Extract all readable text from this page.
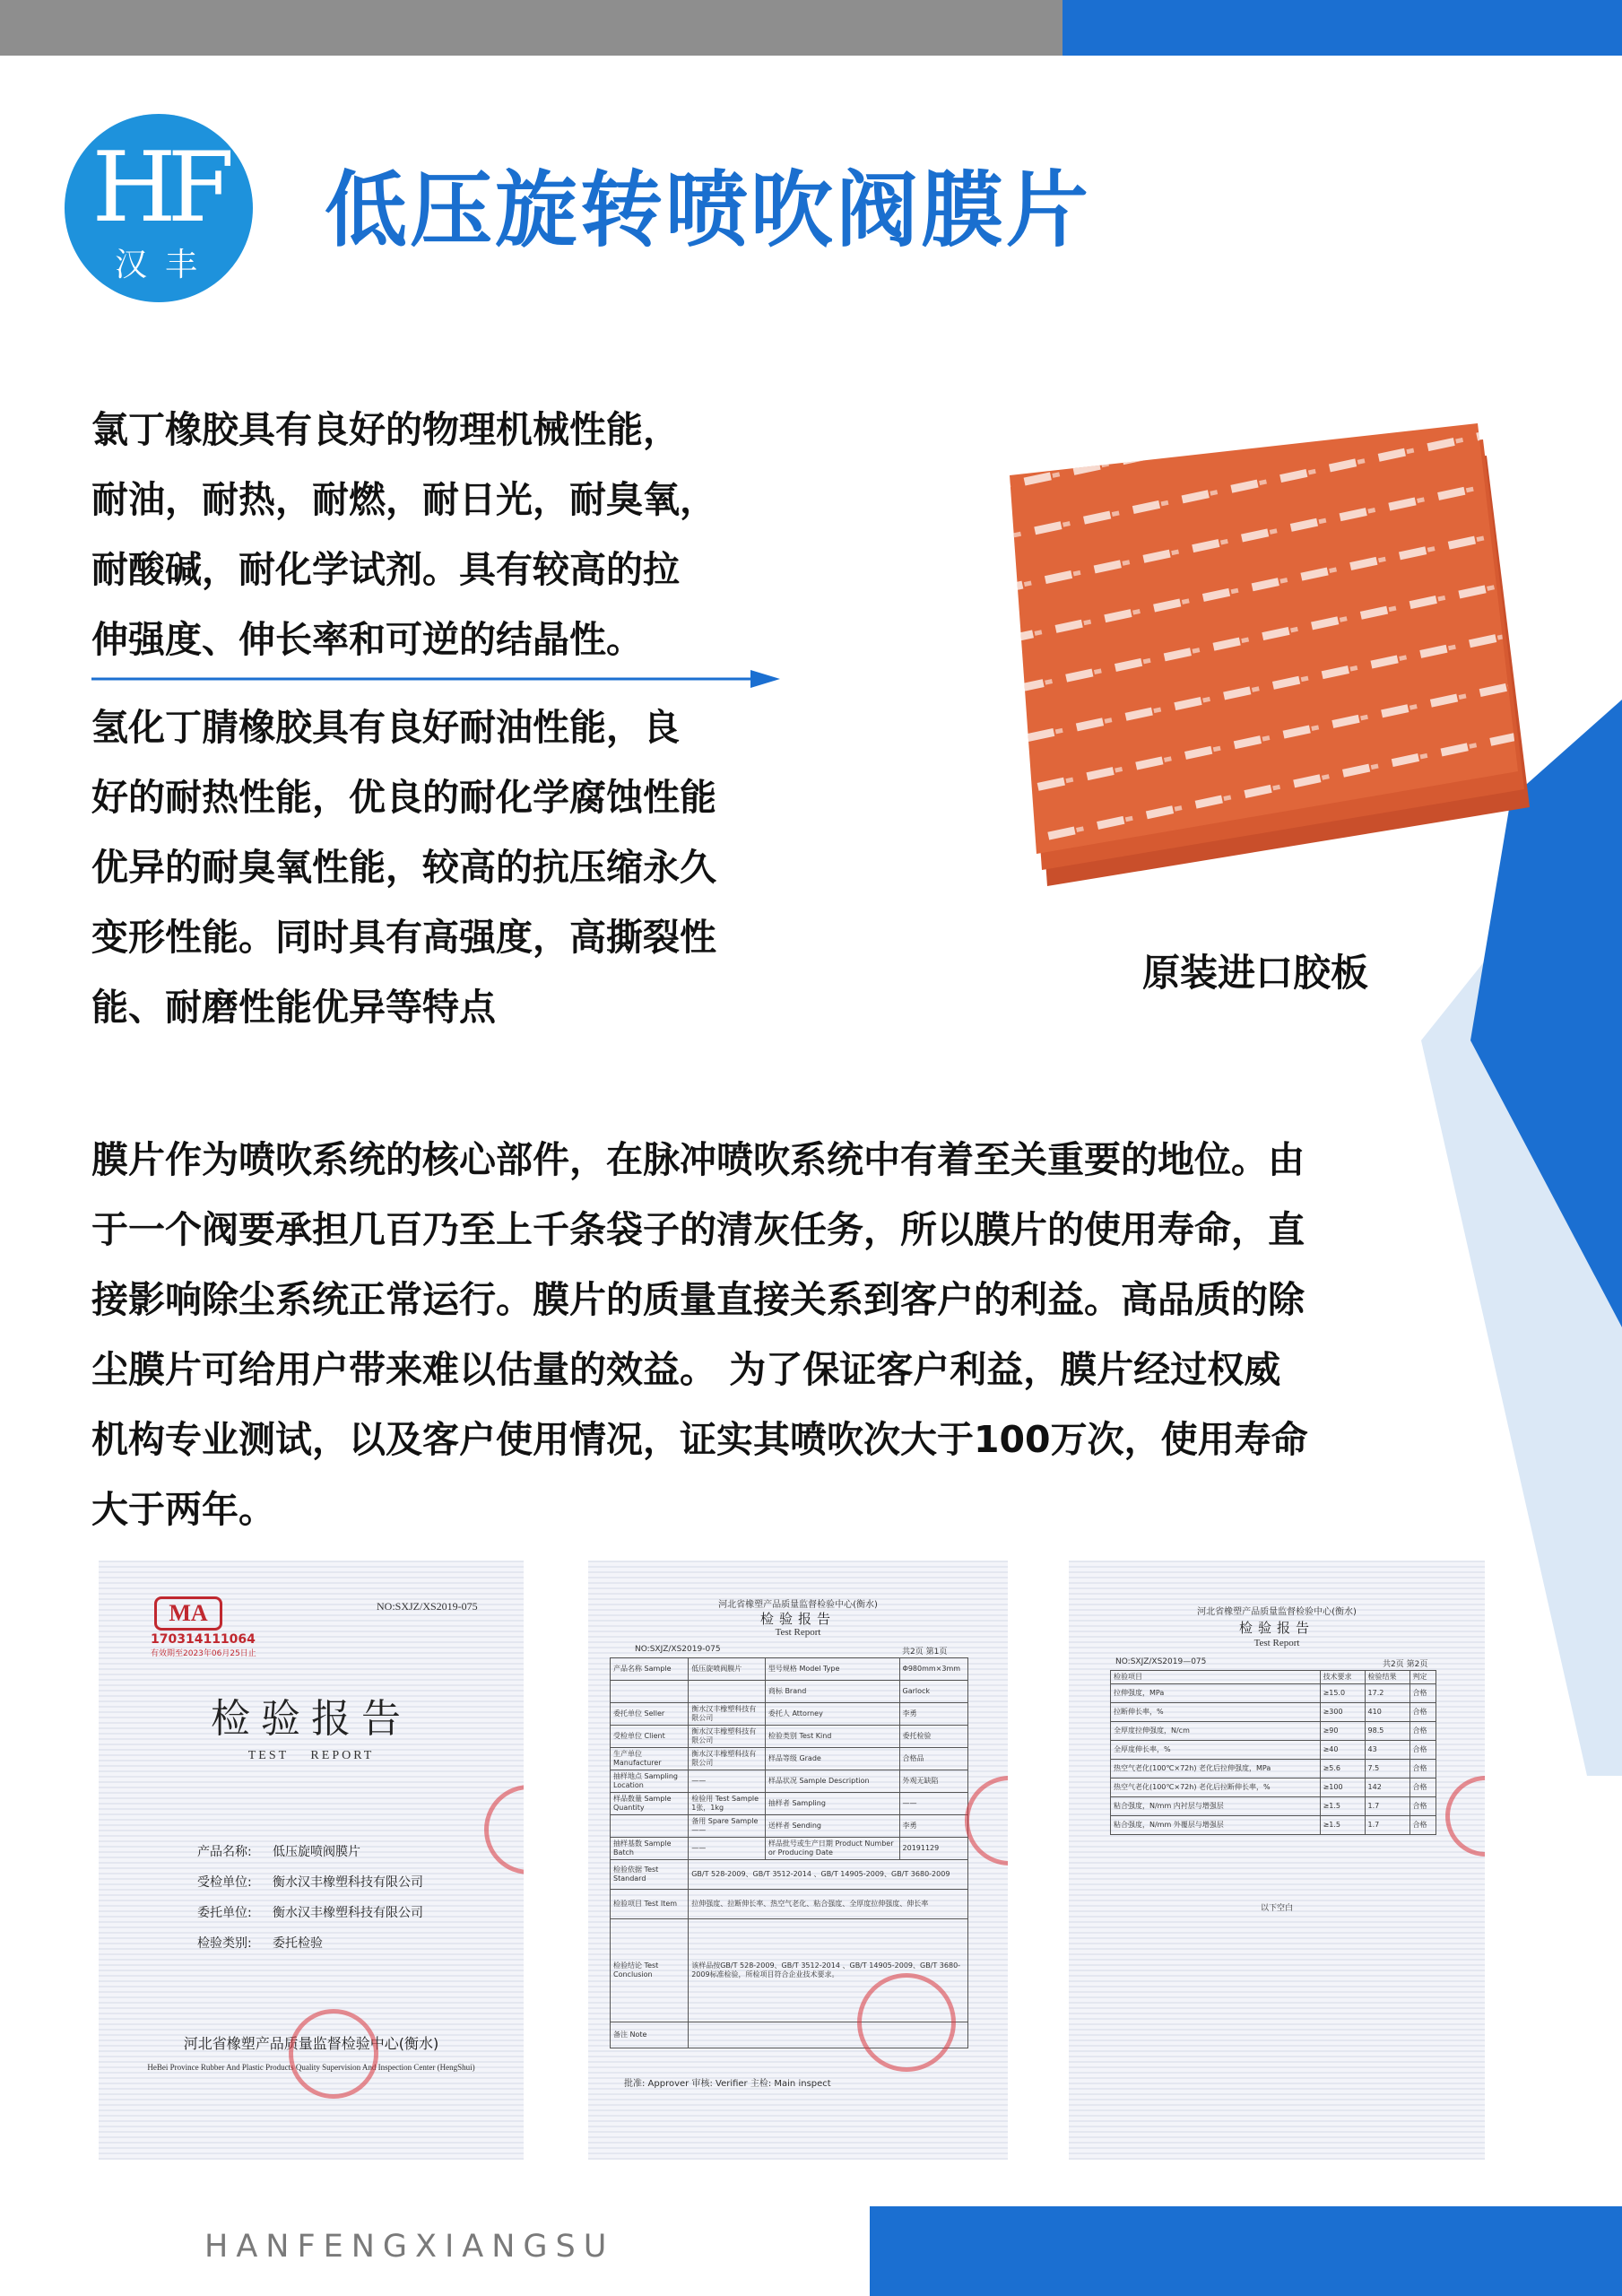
HF
汉丰
低压旋转喷吹阀膜片
氯丁橡胶具有良好的物理机械性能，
耐油，耐热，耐燃，耐日光，耐臭氧，
耐酸碱，耐化学试剂。具有较高的拉
伸强度、伸长率和可逆的结晶性。
氢化丁腈橡胶具有良好耐油性能，良
好的耐热性能，优良的耐化学腐蚀性能
优异的耐臭氧性能，较高的抗压缩永久
变形性能。同时具有高强度，高撕裂性
能、耐磨性能优异等特点
原装进口胶板
膜片作为喷吹系统的核心部件，在脉冲喷吹系统中有着至关重要的地位。由
于一个阀要承担几百乃至上千条袋子的清灰任务，所以膜片的使用寿命，直
接影响除尘系统正常运行。膜片的质量直接关系到客户的利益。高品质的除
尘膜片可给用户带来难以估量的效益。 为了保证客户利益，膜片经过权威
机构专业测试，以及客户使用情况，证实其喷吹次大于100万次，使用寿命
大于两年。
MA
170314111064
有效期至2023年06月25日止
NO:SXJZ/XS2019-075
检验报告
TEST REPORT
产品名称: 低压旋喷阀膜片
受检单位: 衡水汉丰橡塑科技有限公司
委托单位: 衡水汉丰橡塑科技有限公司
检验类别: 委托检验
河北省橡塑产品质量监督检验中心(衡水)
HeBei Province Rubber And Plastic Products Quality Supervision And Inspection Center (HengShui)
河北省橡塑产品质量监督检验中心(衡水)
检验报告
Test Report
NO:SXJZ/XS2019-075	共2页 第1页
产品名称 Sample	低压旋喷阀膜片	型号规格 Model Type	Φ980mm×3mm
		商标 Brand	Garlock
委托单位 Seller	衡水汉丰橡塑科技有限公司	委托人 Attorney	李勇
受检单位 Client	衡水汉丰橡塑科技有限公司	检验类别 Test Kind	委托检验
生产单位 Manufacturer	衡水汉丰橡塑科技有限公司	样品等级 Grade	合格品
抽样地点 Sampling Location	——	样品状况 Sample Description	外观无缺陷
样品数量 Sample Quantity	检验用 Test Sample 1张，1kg	抽样者 Sampling	——
	备用 Spare Sample ——	送样者 Sending	李勇
抽样基数 Sample Batch	——	样品批号或生产日期 Product Number or Producing Date	20191129
检验依据 Test Standard	GB/T 528-2009、GB/T 3512-2014 、GB/T 14905-2009、GB/T 3680-2009		
检验项目 Test Item	拉伸强度、拉断伸长率、热空气老化、粘合强度、全厚度拉伸强度、伸长率		
检验结论 Test Conclusion	该样品按GB/T 528-2009、GB/T 3512-2014 、GB/T 14905-2009、GB/T 3680-2009标准检验，所检项目符合企业技术要求。		
备注 Note			
批准: Approver 审核: Verifier 主检: Main inspect
河北省橡塑产品质量监督检验中心(衡水)
检验报告
Test Report
NO:SXJZ/XS2019—075	共2页 第2页
检验项目	技术要求	检验结果	判定
拉伸强度，MPa	≥15.0	17.2	合格
拉断伸长率，%	≥300	410	合格
全厚度拉伸强度，N/cm	≥90	98.5	合格
全厚度伸长率，%	≥40	43	合格
热空气老化(100℃×72h) 老化后拉伸强度，MPa	≥5.6	7.5	合格
热空气老化(100℃×72h) 老化后拉断伸长率，%	≥100	142	合格
粘合强度，N/mm 内衬层与增强层	≥1.5	1.7	合格
粘合强度，N/mm 外覆层与增强层	≥1.5	1.7	合格
以下空白
HANFENGXIANGSU
